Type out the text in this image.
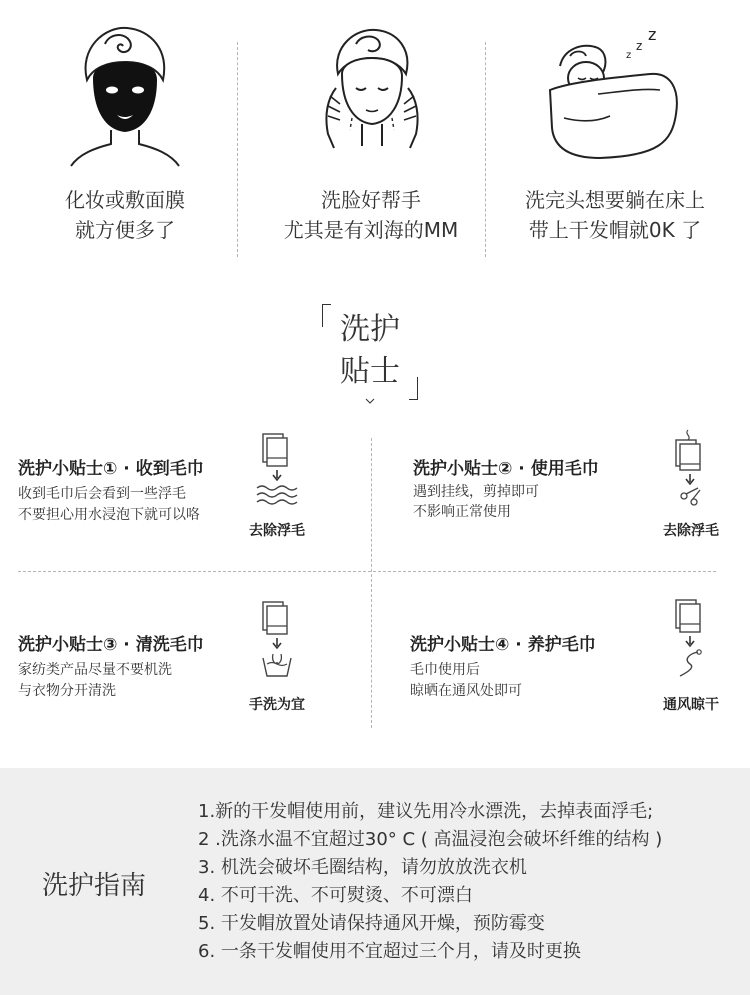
化妆或敷面膜
就方便多了
洗脸好帮手
尤其是有刘海的MM
z
z
z
洗完头想要躺在床上
带上干发帽就0K 了
洗护
贴士
洗护小贴士① · 收到毛巾
收到毛巾后会看到一些浮毛
不要担心用水浸泡下就可以咯
去除浮毛
洗护小贴士② · 使用毛巾
遇到挂线，剪掉即可
不影响正常使用
去除浮毛
洗护小贴士③ · 清洗毛巾
家纺类产品尽量不要机洗
与衣物分开清洗
手洗为宜
洗护小贴士④ · 养护毛巾
毛巾使用后
晾晒在通风处即可
通风晾干
洗护指南
1.新的干发帽使用前，建议先用冷水漂洗，去掉表面浮毛;
2 .洗涤水温不宜超过30° C ( 高温浸泡会破坏纤维的结构 )
3. 机洗会破坏毛圈结构，请勿放放洗衣机
4. 不可干洗、不可熨烫、不可漂白
5. 干发帽放置处请保持通风开燥，预防霉变
6. 一条干发帽使用不宜超过三个月，请及时更换
